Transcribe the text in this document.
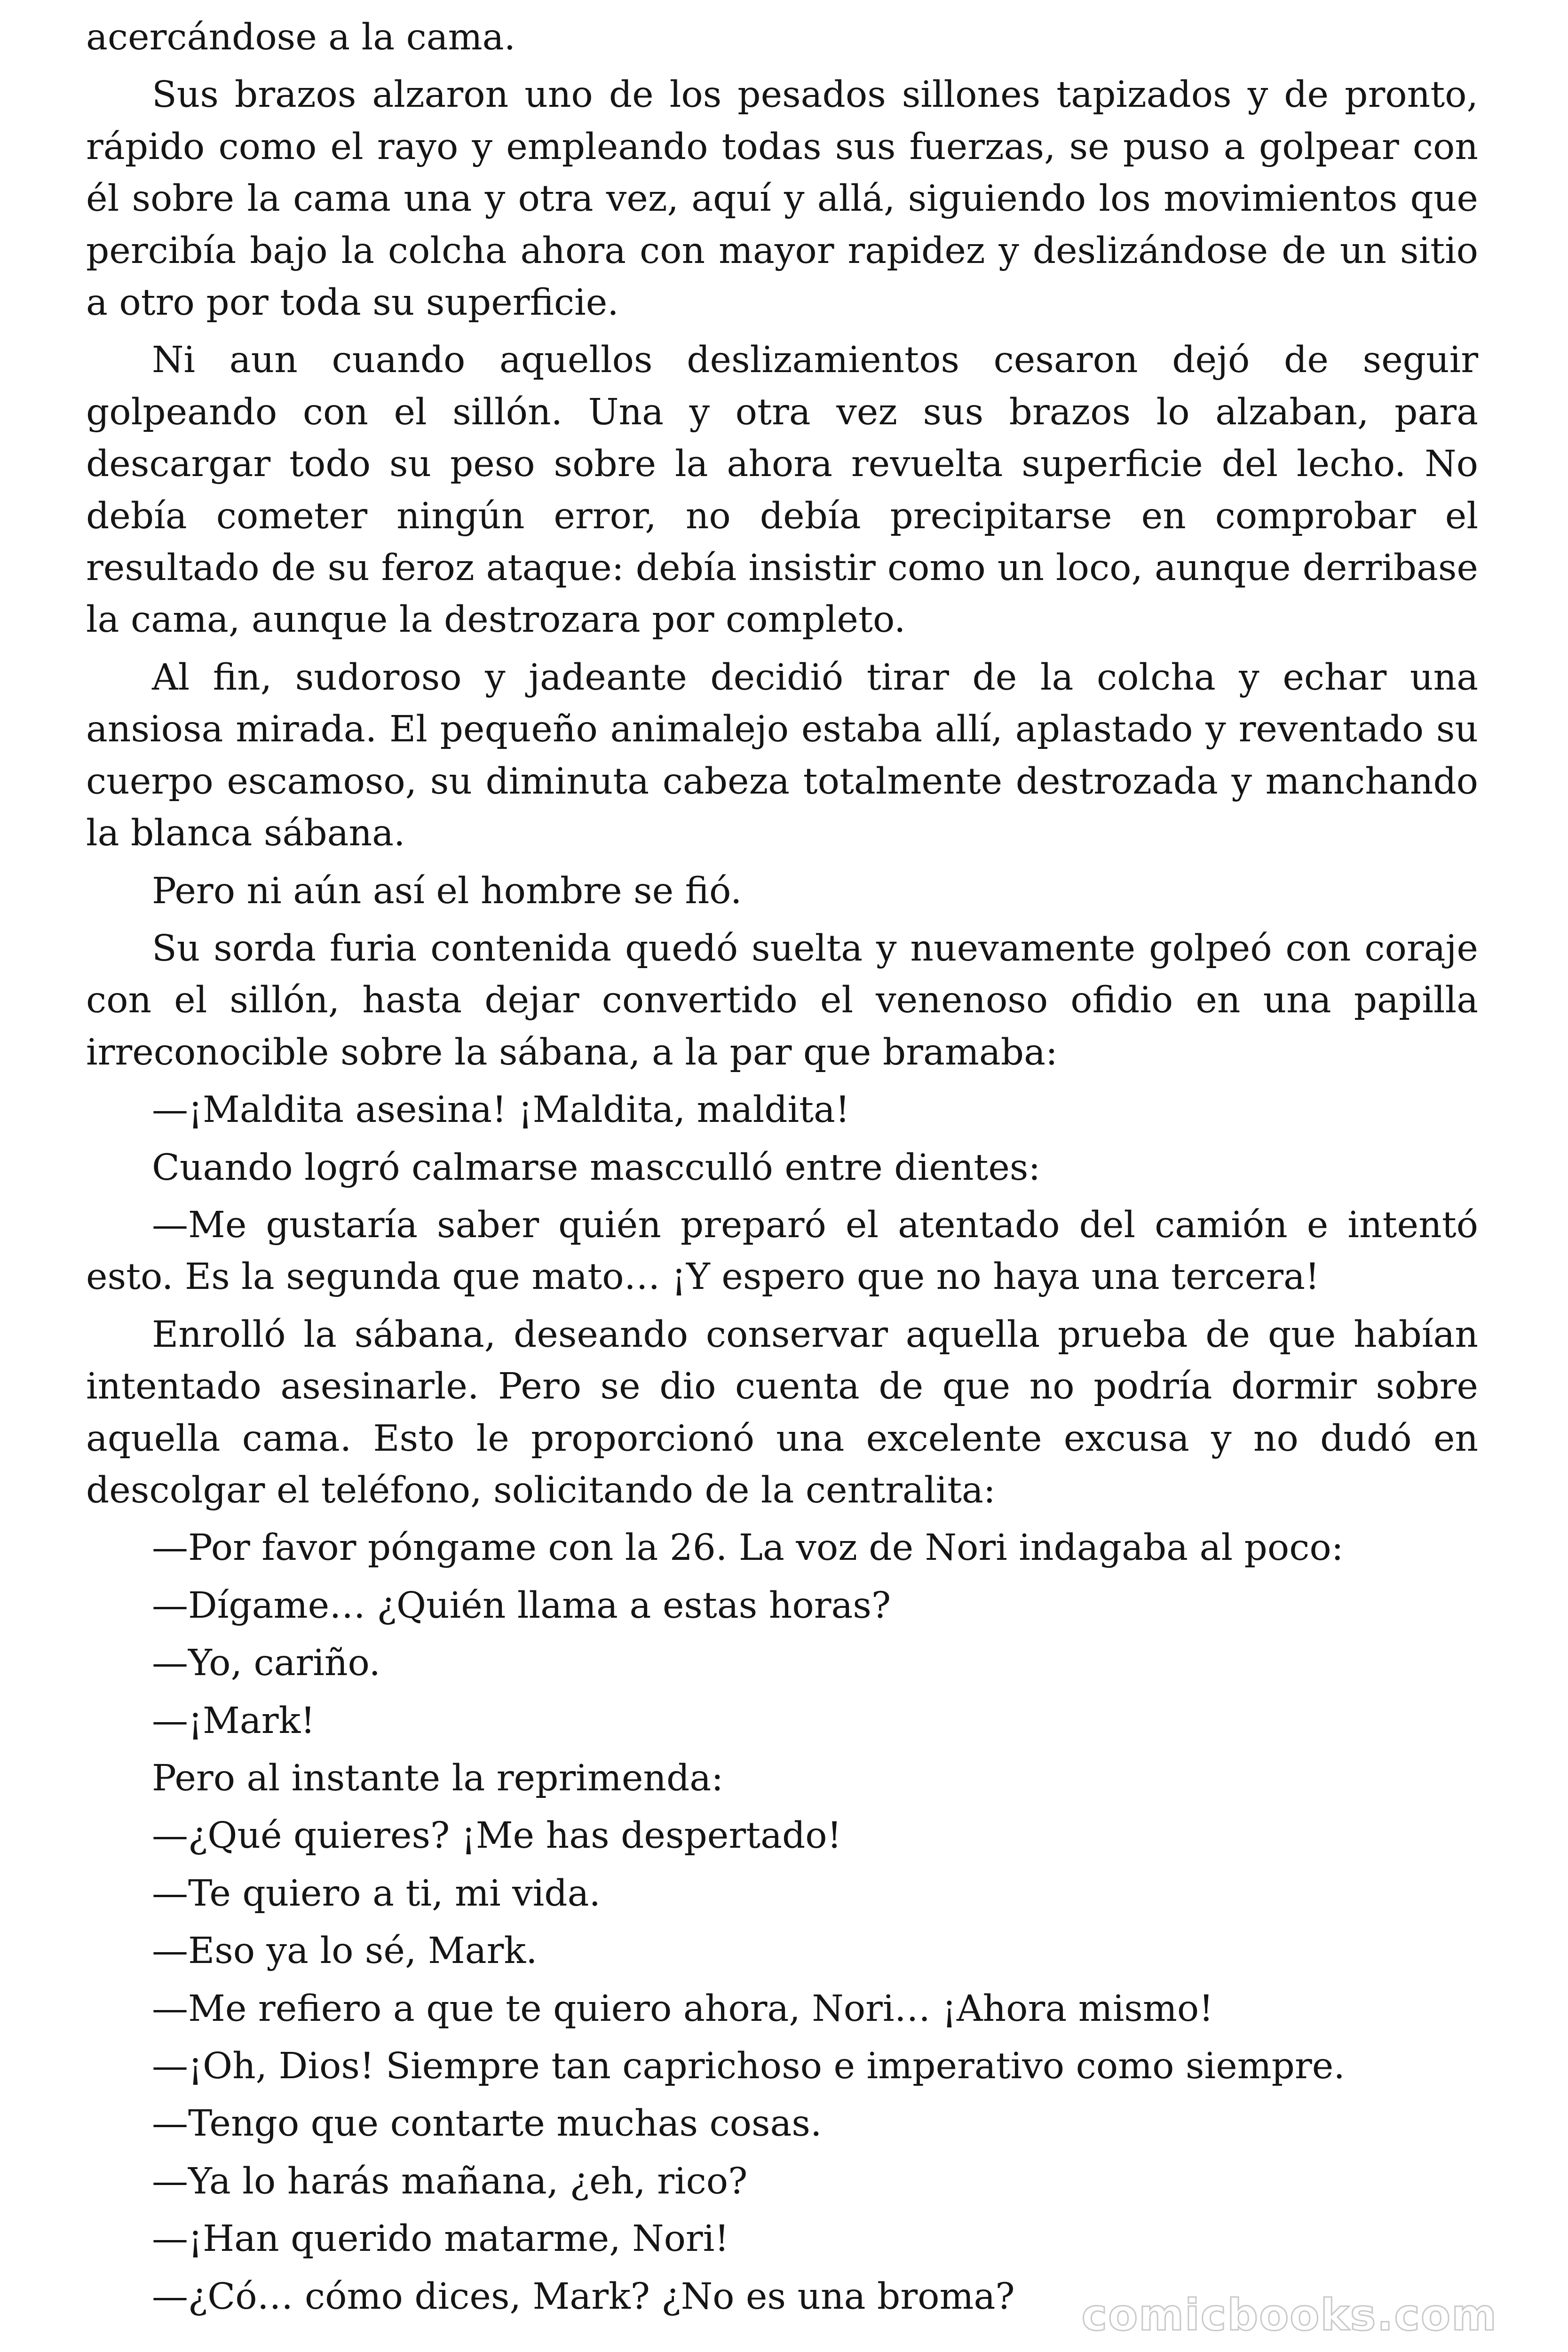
acercándose a la cama.

Sus brazos alzaron uno de los pesados sillones tapizados y de pronto, rápido como el rayo y empleando todas sus fuerzas, se puso a golpear con él sobre la cama una y otra vez, aquí y allá, siguiendo los movimientos que percibía bajo la colcha ahora con mayor rapidez y deslizándose de un sitio a otro por toda su superficie.

Ni aun cuando aquellos deslizamientos cesaron dejó de seguir golpeando con el sillón. Una y otra vez sus brazos lo alzaban, para descargar todo su peso sobre la ahora revuelta superficie del lecho. No debía cometer ningún error, no debía precipitarse en comprobar el resultado de su feroz ataque: debía insistir como un loco, aunque derribase la cama, aunque la destrozara por completo.

Al fin, sudoroso y jadeante decidió tirar de la colcha y echar una ansiosa mirada. El pequeño animalejo estaba allí, aplastado y reventado su cuerpo escamoso, su diminuta cabeza totalmente destrozada y manchando la blanca sábana.

Pero ni aún así el hombre se fió.

Su sorda furia contenida quedó suelta y nuevamente golpeó con coraje con el sillón, hasta dejar convertido el venenoso ofidio en una papilla irreconocible sobre la sábana, a la par que bramaba:

—¡Maldita asesina! ¡Maldita, maldita!

Cuando logró calmarse mascculló entre dientes:

—Me gustaría saber quién preparó el atentado del camión e intentó esto. Es la segunda que mato… ¡Y espero que no haya una tercera!

Enrolló la sábana, deseando conservar aquella prueba de que habían intentado asesinarle. Pero se dio cuenta de que no podría dormir sobre aquella cama. Esto le proporcionó una excelente excusa y no dudó en descolgar el teléfono, solicitando de la centralita:

—Por favor póngame con la 26. La voz de Nori indagaba al poco:

—Dígame… ¿Quién llama a estas horas?

—Yo, cariño.

—¡Mark!

Pero al instante la reprimenda:

—¿Qué quieres? ¡Me has despertado!

—Te quiero a ti, mi vida.

—Eso ya lo sé, Mark.

—Me refiero a que te quiero ahora, Nori… ¡Ahora mismo!

—¡Oh, Dios! Siempre tan caprichoso e imperativo como siempre.

—Tengo que contarte muchas cosas.

—Ya lo harás mañana, ¿eh, rico?

—¡Han querido matarme, Nori!

—¿Có… cómo dices, Mark? ¿No es una broma?	comicbooks.com
